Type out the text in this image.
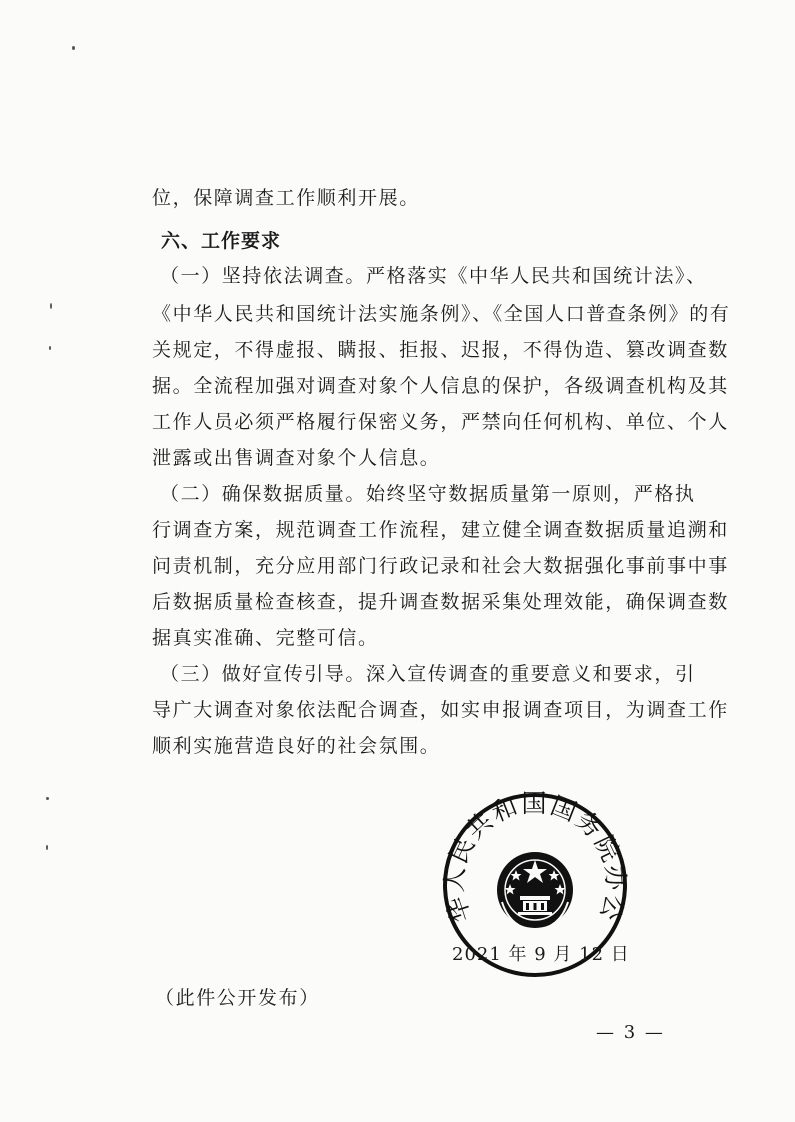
位，保障调查工作顺利开展。
六、工作要求
（一）坚持依法调查。严格落实《中华人民共和国统计法》、
《中华人民共和国统计法实施条例》、《全国人口普查条例》的有
关规定，不得虚报、瞒报、拒报、迟报，不得伪造、篡改调查数
据。全流程加强对调查对象个人信息的保护，各级调查机构及其
工作人员必须严格履行保密义务，严禁向任何机构、单位、个人
泄露或出售调查对象个人信息。
（二）确保数据质量。始终坚守数据质量第一原则，严格执
行调查方案，规范调查工作流程，建立健全调查数据质量追溯和
问责机制，充分应用部门行政记录和社会大数据强化事前事中事
后数据质量检查核查，提升调查数据采集处理效能，确保调查数
据真实准确、完整可信。
（三）做好宣传引导。深入宣传调查的重要意义和要求，引
导广大调查对象依法配合调查，如实申报调查项目，为调查工作
顺利实施营造良好的社会氛围。
华人民共和国国务院办公
2021 年 9 月 12 日
（此件公开发布）
— 3 —
